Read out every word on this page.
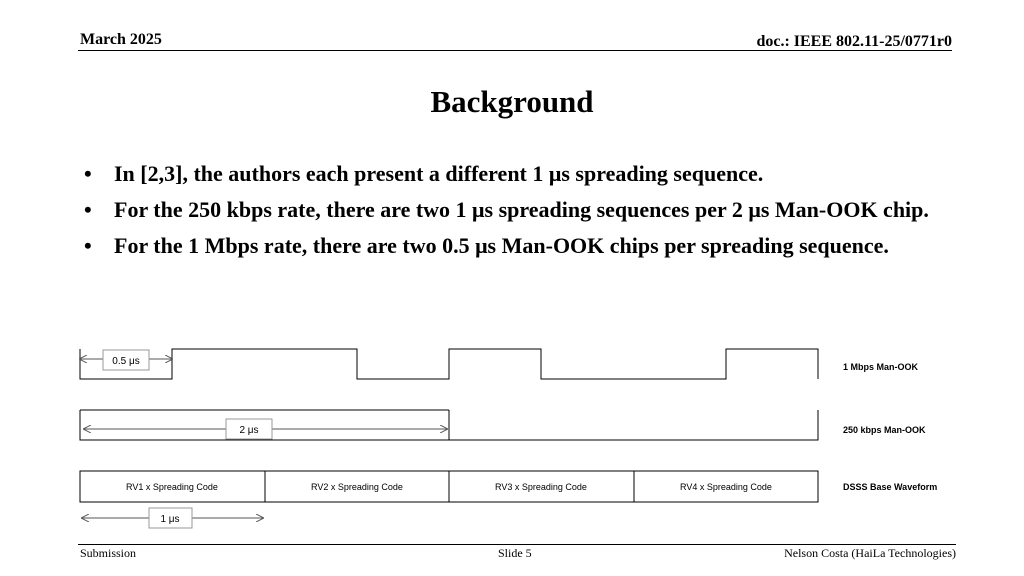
March 2025	doc.: IEEE 802.11-25/0771r0
Background
• In [2,3], the authors each present a different 1 μs spreading sequence.
• For the 250 kbps rate, there are two 1 μs spreading sequences per 2 μs Man-OOK chip.
• For the 1 Mbps rate, there are two 0.5 μs Man-OOK chips per spreading sequence.
0.5 μs	1 Mbps Man-OOK
2 μs	250 kbps Man-OOK
RV1 x Spreading Code	RV2 x Spreading Code	RV3 x Spreading Code	RV4 x Spreading Code	DSSS Base Waveform
1 μs
Submission	Slide 5	Nelson Costa (HaiLa Technologies)
